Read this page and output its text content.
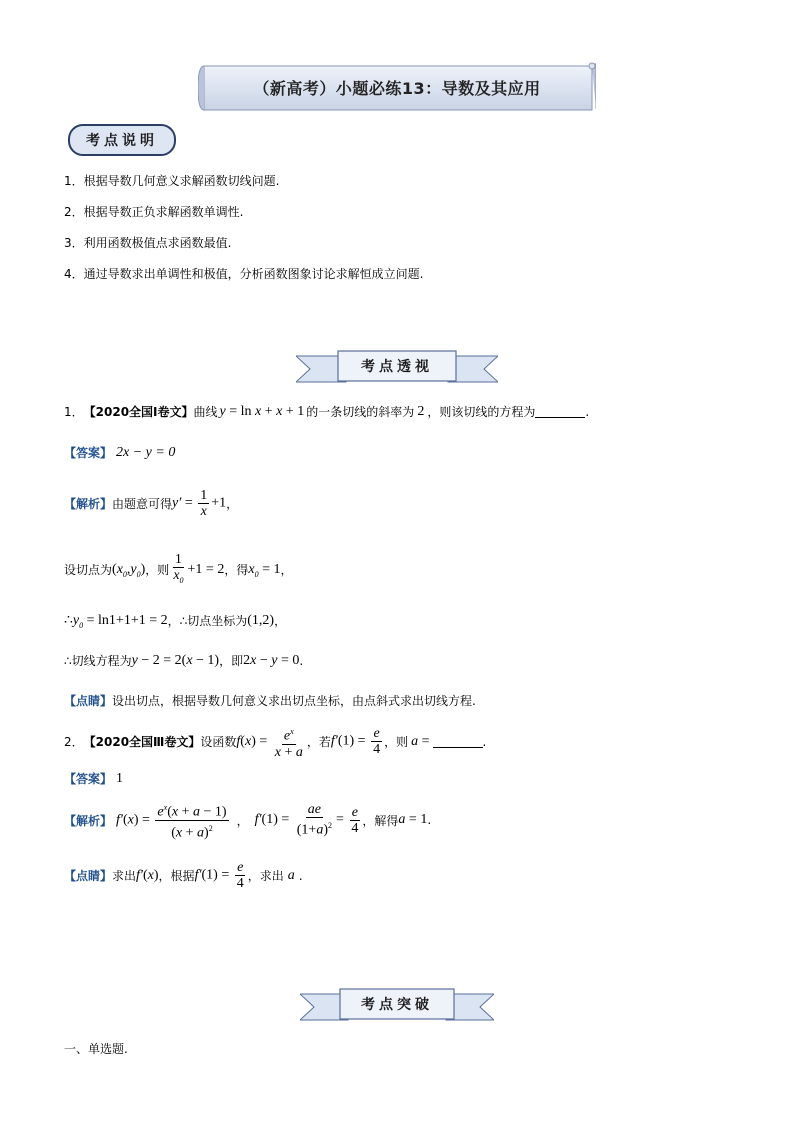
（新高考）小题必练13：导数及其应用
考点说明
1．根据导数几何意义求解函数切线问题.
2．根据导数正负求解函数单调性.
3．利用函数极值点求函数最值.
4．通过导数求出单调性和极值，分析函数图象讨论求解恒成立问题.
考点透视
1． 【2020全国Ⅰ卷文】 曲线 y = ln x + x + 1 的一条切线的斜率为 2 ，则该切线的方程为	.
【答案】 2x − y = 0
【解析】 由题意可得 $y' = \frac{1}{x} +1$ ，
设切点为 $(x_0,y_0)$ ，则 $\frac{1}{x_0} +1 = 2$ ，得 $x_0 = 1$ ，
$\therefore y_0 = \ln 1+1+1 = 2$ ，∴切点坐标为 (1,2) ，
∴切线方程为 y − 2 = 2(x − 1) ，即 2x − y = 0 .
【点睛】 设出切点，根据导数几何意义求出切点坐标，由点斜式求出切线方程.
2． 【2020全国Ⅲ卷文】 设函数 $f(x) = \frac{e^x}{x + a}$ ，若 $f'(1) = \frac{e}{4}$ ，则 a =	.
【答案】 1
【解析】 $f'(x) = \frac{e^x(x + a - 1)}{(x + a)^2}$ ， $f'(1) = \frac{ae}{(1+a)^2} = \frac{e}{4}$ ，解得 a = 1 .
【点睛】 求出 f′(x) ，根据 $f'(1) = \frac{e}{4}$ ，求出 a .
考点突破
一、单选题.
